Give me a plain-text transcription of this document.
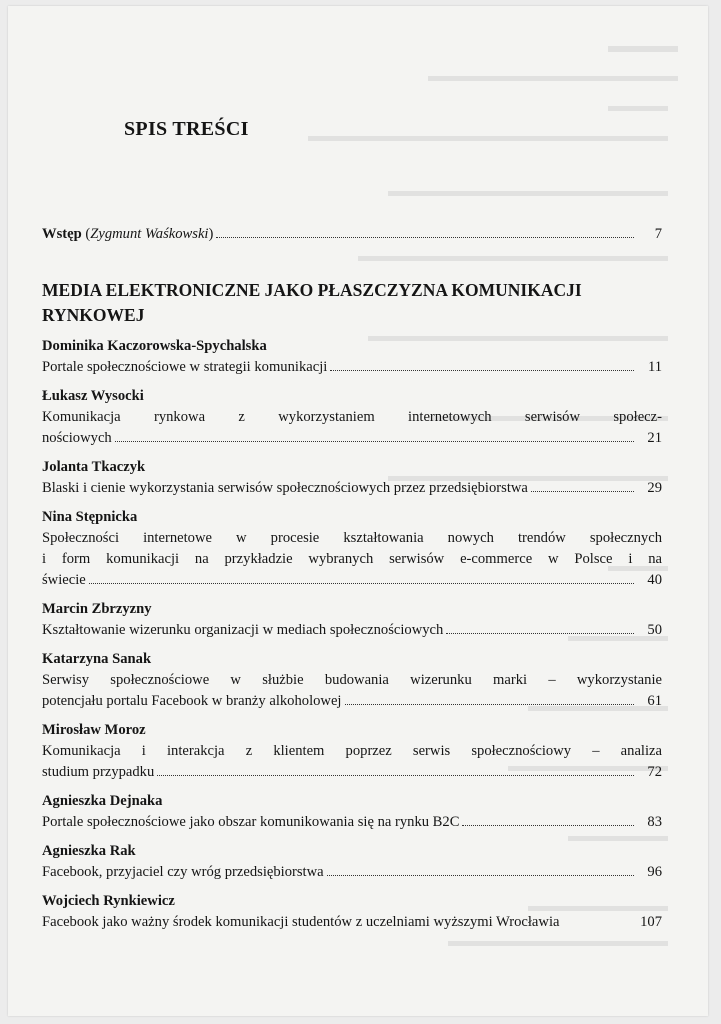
SPIS TREŚCI
Wstęp (Zygmunt Waśkowski)	7
MEDIA ELEKTRONICZNE JAKO PŁASZCZYZNA KOMUNIKACJI RYNKOWEJ
Dominika Kaczorowska-Spychalska
Portale społecznościowe w strategii komunikacji	11
Łukasz Wysocki
Komunikacja rynkowa z wykorzystaniem internetowych serwisów społecz-
nościowych	21
Jolanta Tkaczyk
Blaski i cienie wykorzystania serwisów społecznościowych przez przedsiębiorstwa	29
Nina Stępnicka
Społeczności internetowe w procesie kształtowania nowych trendów społecznych
i form komunikacji na przykładzie wybranych serwisów e-commerce w Polsce i na
świecie	40
Marcin Zbrzyzny
Kształtowanie wizerunku organizacji w mediach społecznościowych	50
Katarzyna Sanak
Serwisy społecznościowe w służbie budowania wizerunku marki – wykorzystanie
potencjału portalu Facebook w branży alkoholowej	61
Mirosław Moroz
Komunikacja i interakcja z klientem poprzez serwis społecznościowy – analiza
studium przypadku	72
Agnieszka Dejnaka
Portale społecznościowe jako obszar komunikowania się na rynku B2C	83
Agnieszka Rak
Facebook, przyjaciel czy wróg przedsiębiorstwa	96
Wojciech Rynkiewicz
Facebook jako ważny środek komunikacji studentów z uczelniami wyższymi Wrocławia	107
